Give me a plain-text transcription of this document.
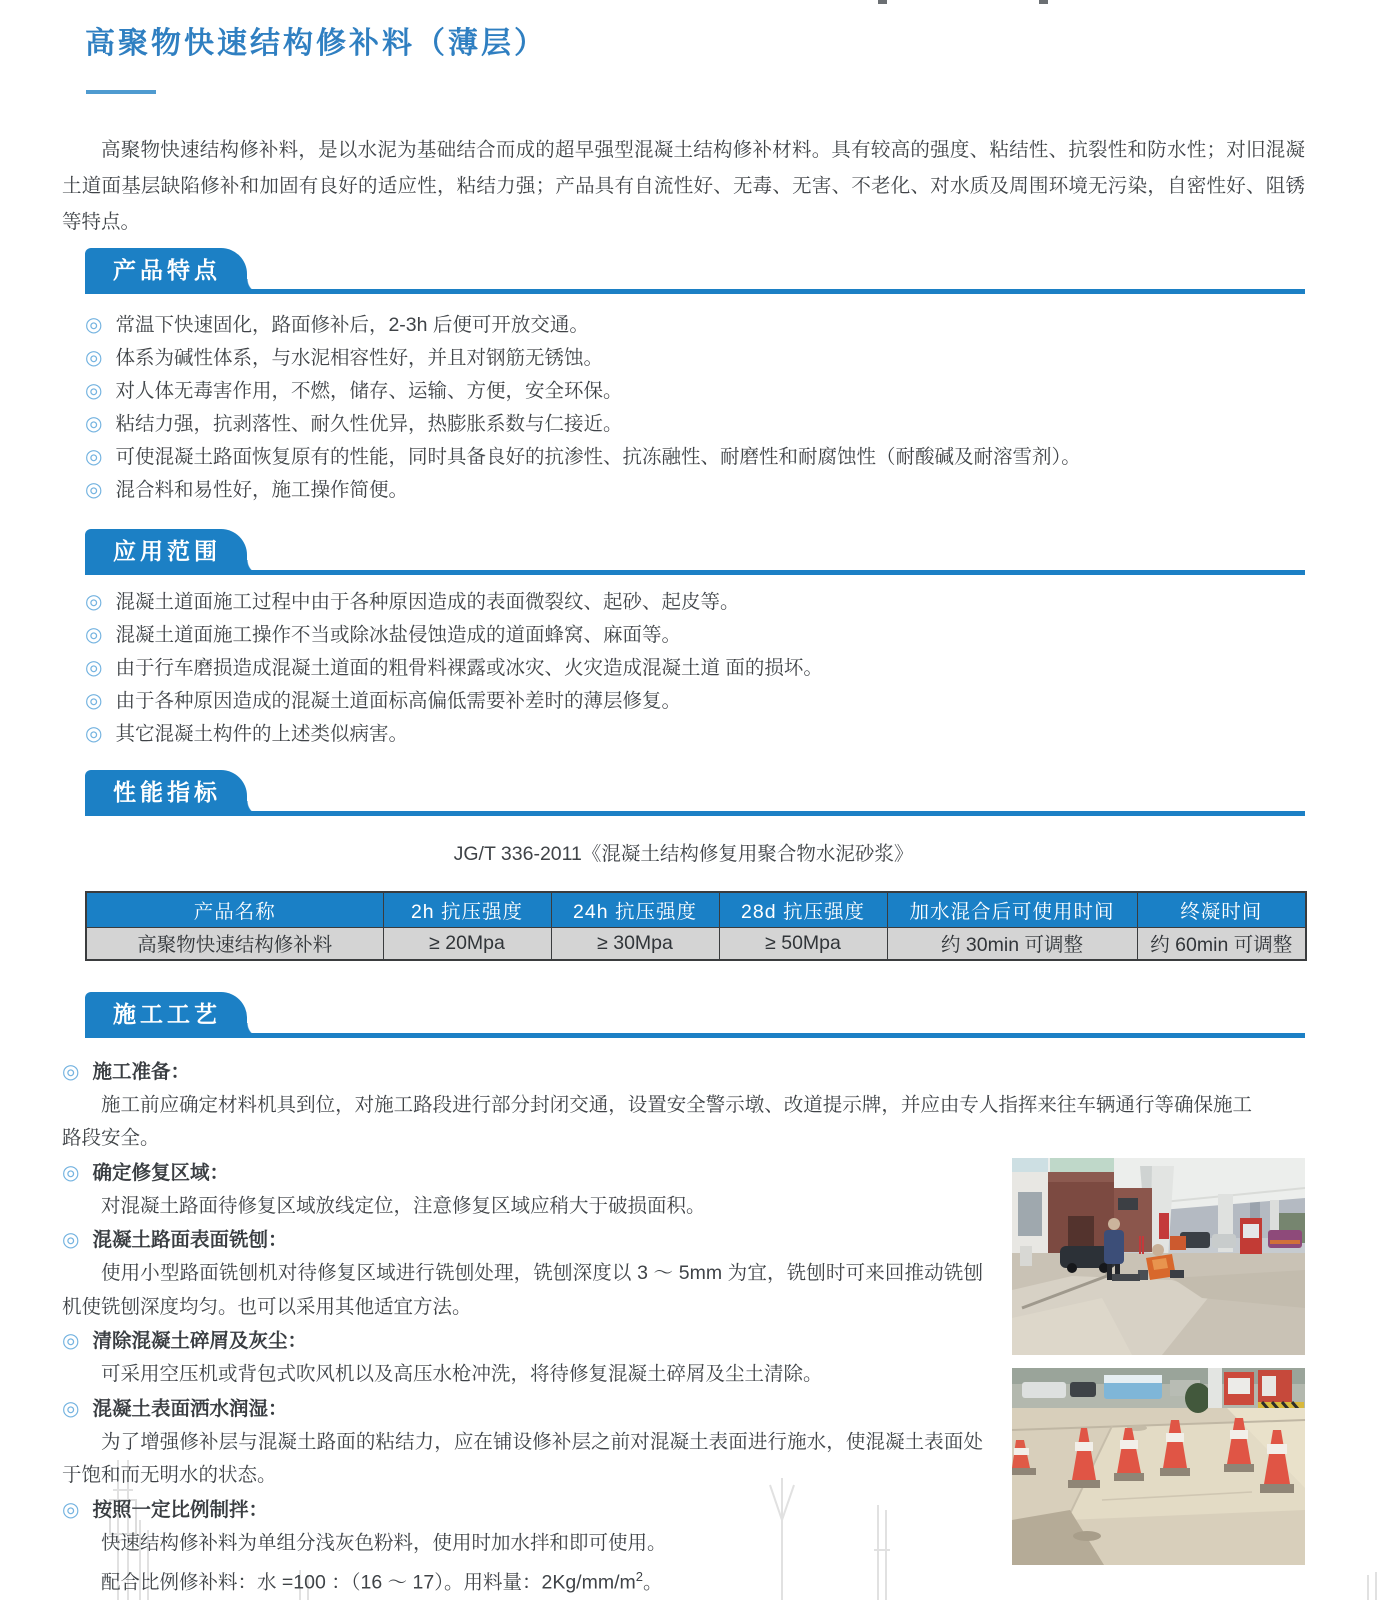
高聚物快速结构修补料（薄层）

高聚物快速结构修补料，是以水泥为基础结合而成的超早强型混凝土结构修补材料。具有较高的强度、粘结性、抗裂性和防水性；对旧混凝土道面基层缺陷修补和加固有良好的适应性，粘结力强；产品具有自流性好、无毒、无害、不老化、对水质及周围环境无污染，自密性好、阻锈等特点。

产品特点
◎ 常温下快速固化，路面修补后，2-3h 后便可开放交通。
◎ 体系为碱性体系，与水泥相容性好，并且对钢筋无锈蚀。
◎ 对人体无毒害作用，不燃，储存、运输、方便，安全环保。
◎ 粘结力强，抗剥落性、耐久性优异，热膨胀系数与仁接近。
◎ 可使混凝土路面恢复原有的性能，同时具备良好的抗渗性、抗冻融性、耐磨性和耐腐蚀性（耐酸碱及耐溶雪剂）。
◎ 混合料和易性好，施工操作简便。
应用范围
◎ 混凝土道面施工过程中由于各种原因造成的表面微裂纹、起砂、起皮等。
◎ 混凝土道面施工操作不当或除冰盐侵蚀造成的道面蜂窝、麻面等。
◎ 由于行车磨损造成混凝土道面的粗骨料裸露或冰灾、火灾造成混凝土道 面的损坏。
◎ 由于各种原因造成的混凝土道面标高偏低需要补差时的薄层修复。
◎ 其它混凝土构件的上述类似病害。
性能指标

JG/T 336-2011《混凝土结构修复用聚合物水泥砂浆》

产品名称	2h 抗压强度	24h 抗压强度	28d 抗压强度	加水混合后可使用时间	终凝时间
高聚物快速结构修补料	≥ 20Mpa	≥ 30Mpa	≥ 50Mpa	约 30min 可调整	约 60min 可调整
施工工艺
◎ 施工准备：

施工前应确定材料机具到位，对施工路段进行部分封闭交通，设置安全警示墩、改道提示牌，并应由专人指挥来往车辆通行等确保施工路段安全。

◎ 确定修复区域：

对混凝土路面待修复区域放线定位，注意修复区域应稍大于破损面积。

◎ 混凝土路面表面铣刨：

使用小型路面铣刨机对待修复区域进行铣刨处理，铣刨深度以 3 ～ 5mm 为宜，铣刨时可来回推动铣刨机使铣刨深度均匀。也可以采用其他适宜方法。

◎ 清除混凝土碎屑及灰尘：

可采用空压机或背包式吹风机以及高压水枪冲洗，将待修复混凝土碎屑及尘土清除。

◎ 混凝土表面洒水润湿：

为了增强修补层与混凝土路面的粘结力，应在铺设修补层之前对混凝土表面进行施水，使混凝土表面处于饱和而无明水的状态。

◎ 按照一定比例制拌：

快速结构修补料为单组分浅灰色粉料，使用时加水拌和即可使用。

配合比例修补料：水 =100 ：（16 ～ 17）。用料量：$2Kg/mm/m^2$。
